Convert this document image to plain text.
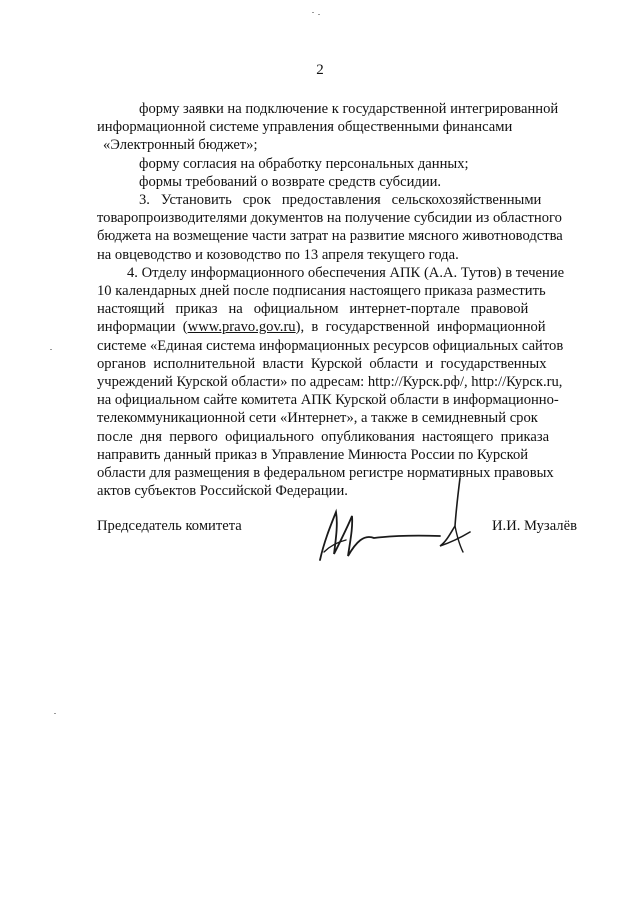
2
форму заявки на подключение к государственной интегрированной
информационной системе управления общественными финансами
«Электронный бюджет»;
форму согласия на обработку персональных данных;
формы требований о возврате средств субсидии.
3.   Установить   срок   предоставления   сельскохозяйственными
товаропроизводителями документов на получение субсидии из областного
бюджета на возмещение части затрат на развитие мясного животноводства
на овцеводство и козоводство по 13 апреля текущего года.
4. Отделу информационного обеспечения АПК (А.А. Тутов) в течение
10 календарных дней после подписания настоящего приказа разместить
настоящий   приказ   на   официальном   интернет-портале   правовой
информации  (www.pravo.gov.ru),  в  государственной  информационной
системе «Единая система информационных ресурсов официальных сайтов
органов  исполнительной  власти  Курской  области  и  государственных
учреждений Курской области» по адресам: http://Курск.рф/, http://Курск.ru,
на официальном сайте комитета АПК Курской области в информационно-
телекоммуникационной сети «Интернет», а также в семидневный срок
после  дня  первого  официального  опубликования  настоящего  приказа
направить данный приказ в Управление Минюста России по Курской
области для размещения в федеральном регистре нормативных правовых
актов субъектов Российской Федерации.
Председатель комитета	И.И. Музалёв
